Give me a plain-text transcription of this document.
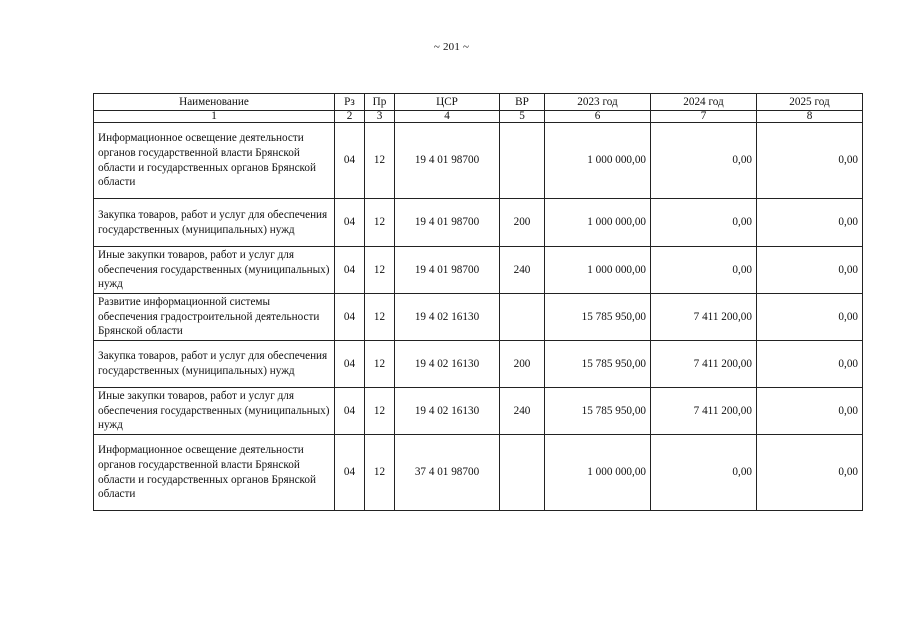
~ 201 ~
Наименование	Рз	Пр	ЦСР	ВР	2023 год	2024 год	2025 год
1	2	3	4	5	6	7	8
Информационное освещение деятельности органов государственной власти Брянской области и государственных органов Брянской области	04	12	19 4 01 98700		1 000 000,00	0,00	0,00
Закупка товаров, работ и услуг для обеспечения государственных (муниципальных) нужд	04	12	19 4 01 98700	200	1 000 000,00	0,00	0,00
Иные закупки товаров, работ и услуг для обеспечения государственных (муниципальных) нужд	04	12	19 4 01 98700	240	1 000 000,00	0,00	0,00
Развитие информационной системы обеспечения градостроительной деятельности Брянской области	04	12	19 4 02 16130		15 785 950,00	7 411 200,00	0,00
Закупка товаров, работ и услуг для обеспечения государственных (муниципальных) нужд	04	12	19 4 02 16130	200	15 785 950,00	7 411 200,00	0,00
Иные закупки товаров, работ и услуг для обеспечения государственных (муниципальных) нужд	04	12	19 4 02 16130	240	15 785 950,00	7 411 200,00	0,00
Информационное освещение деятельности органов государственной власти Брянской области и государственных органов Брянской области	04	12	37 4 01 98700		1 000 000,00	0,00	0,00
